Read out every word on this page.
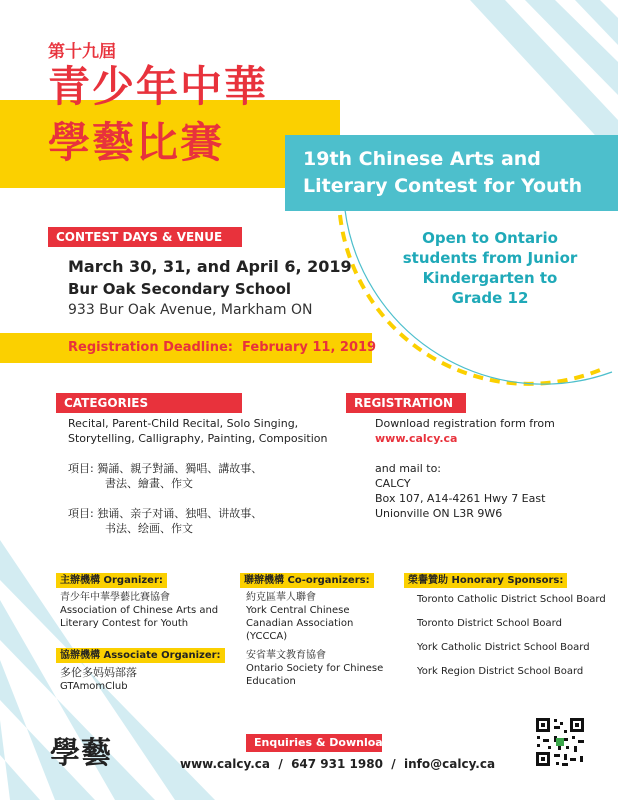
第十九屆
青少年中華
學藝比賽	19th Chinese Arts and
Literary Contest for Youth
CONTEST DAYS & VENUE
March 30, 31, and April 6, 2019
Bur Oak Secondary School
933 Bur Oak Avenue, Markham ON
Open to Ontario
students from Junior
Kindergarten to
Grade 12
Registration Deadline:  February 11, 2019
CATEGORIES
Recital, Parent-Child Recital, Solo Singing,
Storytelling, Calligraphy, Painting, Composition
項目: 獨誦、親子對誦、獨唱、講故事、
書法、繪畫、作文
項目: 独诵、亲子对诵、独唱、讲故事、
书法、绘画、作文
REGISTRATION
Download registration form from
www.calcy.ca
and mail to:
CALCY
Box 107, A14-4261 Hwy 7 East
Unionville ON L3R 9W6
主辦機構 Organizer:
青少年中華學藝比賽協會
Association of Chinese Arts and
Literary Contest for Youth
協辦機構 Associate Organizer:
多伦多妈妈部落
GTAmomClub
聯辦機構 Co-organizers:
約克區華人聯會
York Central Chinese
Canadian Association
(YCCCA)
安省華文教育協會
Ontario Society for Chinese
Education
榮譽贊助 Honorary Sponsors:
Toronto Catholic District School Board
Toronto District School Board
York Catholic District School Board
York Region District School Board
學藝	Enquiries & Downloads
www.calcy.ca  /  647 931 1980  /  info@calcy.ca
